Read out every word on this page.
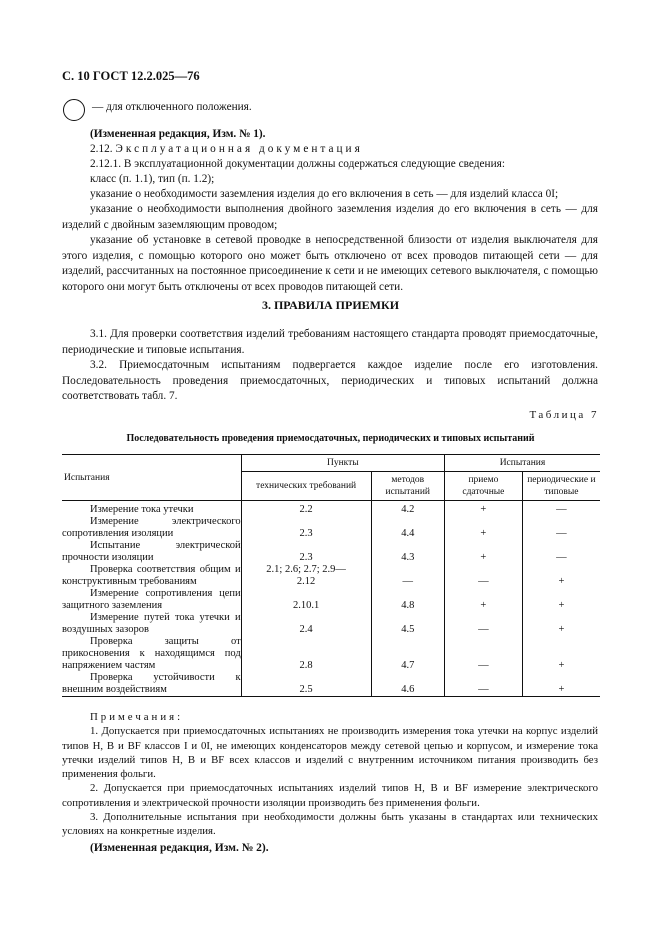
С. 10 ГОСТ 12.2.025—76

— для отключенного положения.

(Измененная редакция, Изм. № 1).

2.12. Эксплуатационная документация

2.12.1. В эксплуатационной документации должны содержаться следующие сведения:

класс (п. 1.1), тип (п. 1.2);

указание о необходимости заземления изделия до его включения в сеть — для изделий класса 0I;

указание о необходимости выполнения двойного заземления изделия до его включения в сеть — для изделий с двойным заземляющим проводом;

указание об установке в сетевой проводке в непосредственной близости от изделия выключателя для этого изделия, с помощью которого оно может быть отключено от всех проводов питающей сети — для изделий, рассчитанных на постоянное присоединение к сети и не имеющих сетевого выключателя, с помощью которого они могут быть отключены от всех проводов питающей сети.

3. ПРАВИЛА ПРИЕМКИ

3.1. Для проверки соответствия изделий требованиям настоящего стандарта проводят приемосдаточные, периодические и типовые испытания.

3.2. Приемосдаточным испытаниям подвергается каждое изделие после его изготовления. Последовательность проведения приемосдаточных, периодических и типовых испытаний должна соответствовать табл. 7.

Таблица 7
Последовательность проведения приемосдаточных, периодических и типовых испытаний
Испытания	Пункты		Испытания	
	технических требований	методов испытаний	приемо сдаточные	периодические и типовые

Измерение тока утечки	2.2	4.2	+	—

Измерение электрического сопротивления изоляции	2.3	4.4	+	—

Испытание электрической прочности изоляции	2.3	4.3	+	—

Проверка соответствия общим и конструктивным требованиям	2.1; 2.6; 2.7; 2.9—2.12	—	—	+

Измерение сопротивления цепи защитного заземления	2.10.1	4.8	+	+

Измерение путей тока утечки и воздушных зазоров	2.4	4.5	—	+

Проверка защиты от прикосновения к находящимся под напряжением частям	2.8	4.7	—	+

Проверка устойчивости к внешним воздействиям	2.5	4.6	—	+
Примечания:
1. Допускается при приемосдаточных испытаниях не производить измерения тока утечки на корпус изделий типов Н, В и BF классов I и 0I, не имеющих конденсаторов между сетевой цепью и корпусом, и измерение тока утечки изделий типов Н, В и BF всех классов и изделий с внутренним источником питания производить без применения фольги.
2. Допускается при приемосдаточных испытаниях изделий типов Н, В и BF измерение электрического сопротивления и электрической прочности изоляции производить без применения фольги.
3. Дополнительные испытания при необходимости должны быть указаны в стандартах или технических условиях на конкретные изделия.
(Измененная редакция, Изм. № 2).
